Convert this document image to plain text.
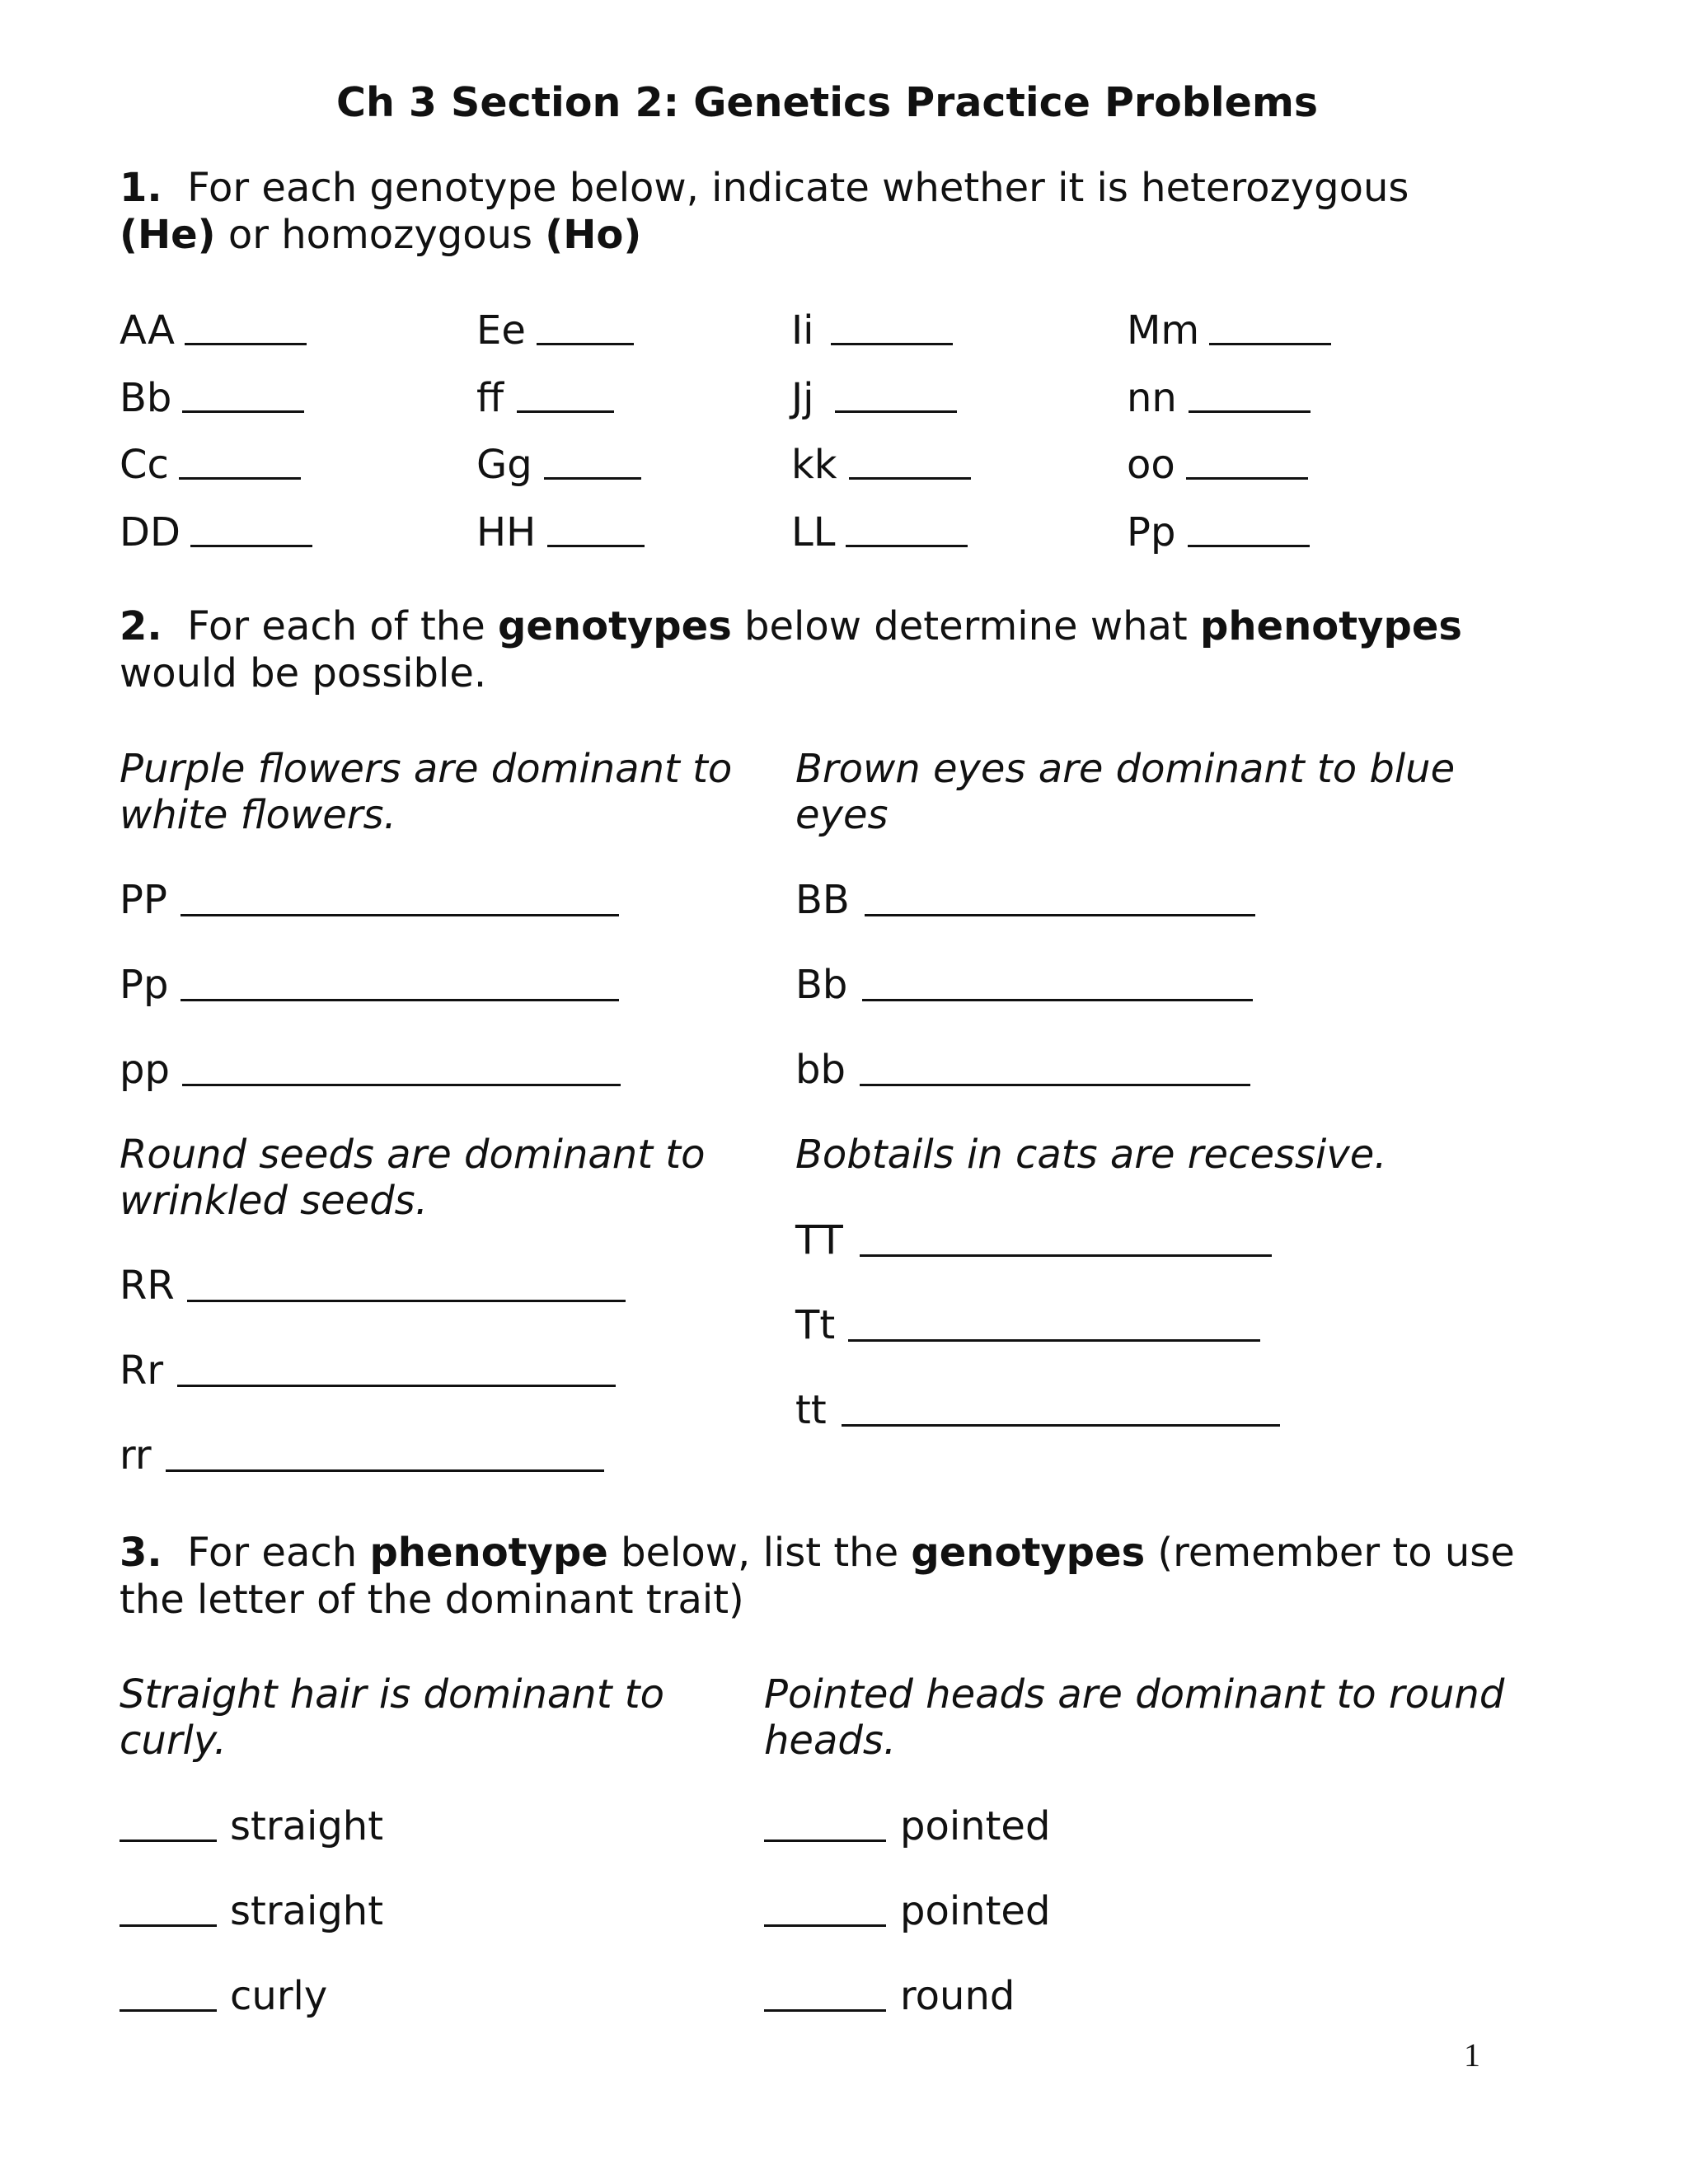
Ch 3 Section 2: Genetics Practice Problems
1. For each genotype below, indicate whether it is heterozygous
(He) or homozygous (Ho)
AA
Bb
Cc
DD
Ee
ff
Gg
HH
Ii
Jj
kk
LL
Mm
nn
oo
Pp
2. For each of the genotypes below determine what phenotypes
would be possible.
Purple flowers are dominant to
white flowers.
PP
Pp
pp
Brown eyes are dominant to blue
eyes
BB
Bb
bb
Round seeds are dominant to
wrinkled seeds.
RR
Rr
rr
Bobtails in cats are recessive.
TT
Tt
tt
3. For each phenotype below, list the genotypes (remember to use
the letter of the dominant trait)
Straight hair is dominant to
curly.
straight
straight
curly
Pointed heads are dominant to round
heads.
pointed
pointed
round
1
